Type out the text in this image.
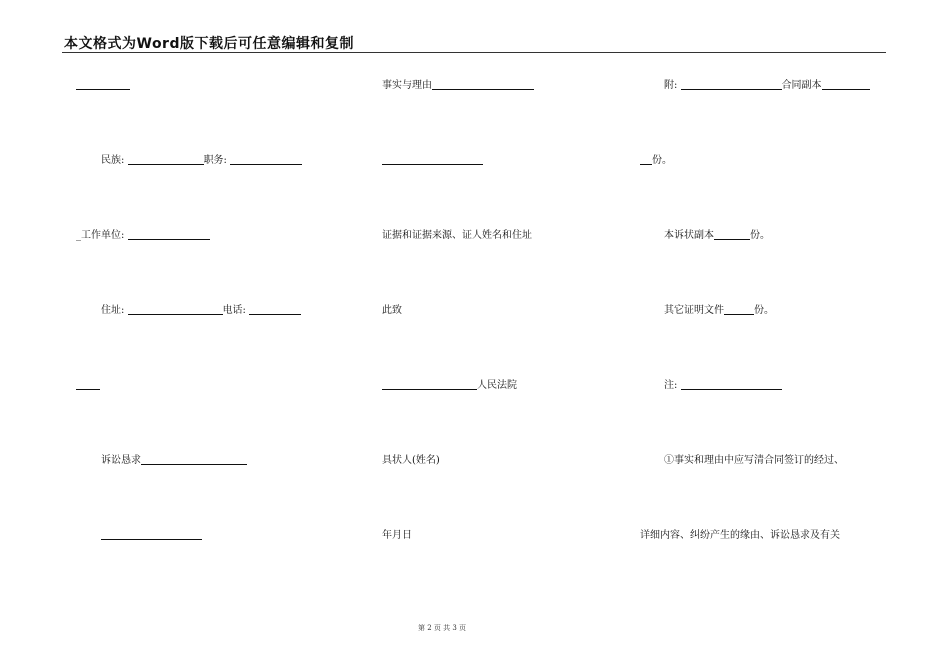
本文格式为Word版下载后可任意编辑和复制
民族:	职务:
_工作单位:
住址:	电话:
诉讼恳求
事实与理由
证据和证据来源、证人姓名和住址
此致
人民法院
具状人(姓名)
年月日
附:	合同副本
份。
本诉状副本	份。
其它证明文件	份。
注:
①事实和理由中应写清合同签订的经过、
详细内容、纠纷产生的缘由、诉讼恳求及有关
第 2 页 共 3 页
